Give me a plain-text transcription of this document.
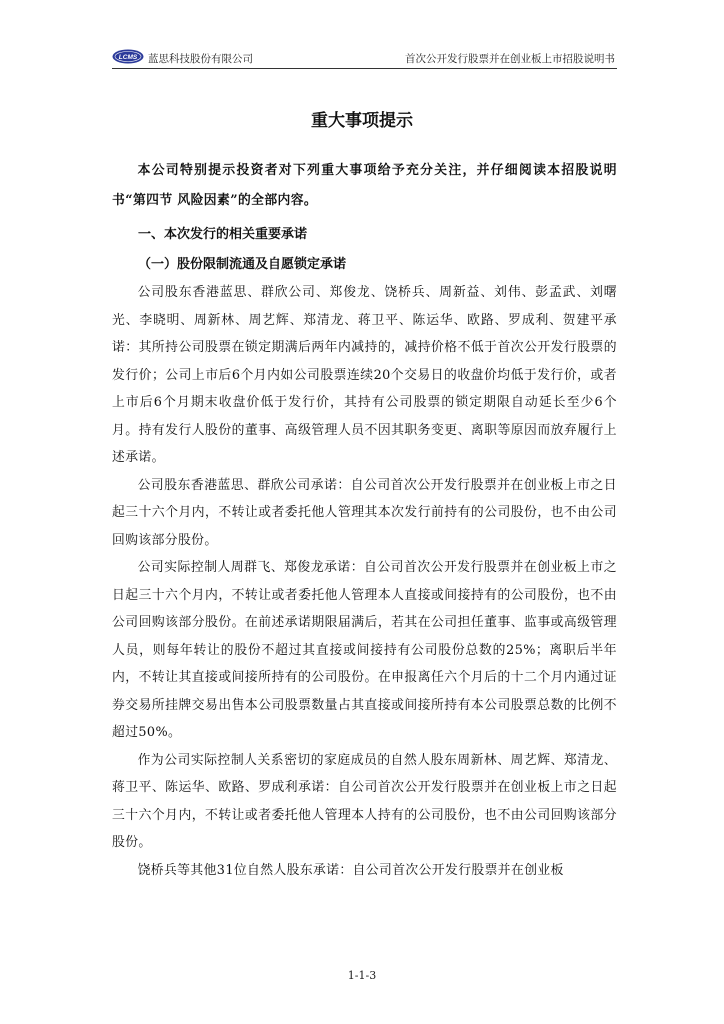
LCMS 蓝思科技股份有限公司	首次公开发行股票并在创业板上市招股说明书
重大事项提示

本公司特别提示投资者对下列重大事项给予充分关注，并仔细阅读本招股说明书“第四节 风险因素”的全部内容。

一、本次发行的相关重要承诺

（一）股份限制流通及自愿锁定承诺

公司股东香港蓝思、群欣公司、郑俊龙、饶桥兵、周新益、刘伟、彭孟武、刘曙光、李晓明、周新林、周艺辉、郑清龙、蒋卫平、陈运华、欧路、罗成利、贺建平承诺：其所持公司股票在锁定期满后两年内减持的，减持价格不低于首次公开发行股票的发行价；公司上市后6个月内如公司股票连续20个交易日的收盘价均低于发行价，或者上市后6个月期末收盘价低于发行价，其持有公司股票的锁定期限自动延长至少6个月。持有发行人股份的董事、高级管理人员不因其职务变更、离职等原因而放弃履行上述承诺。

公司股东香港蓝思、群欣公司承诺：自公司首次公开发行股票并在创业板上市之日起三十六个月内，不转让或者委托他人管理其本次发行前持有的公司股份，也不由公司回购该部分股份。

公司实际控制人周群飞、郑俊龙承诺：自公司首次公开发行股票并在创业板上市之日起三十六个月内，不转让或者委托他人管理本人直接或间接持有的公司股份，也不由公司回购该部分股份。在前述承诺期限届满后，若其在公司担任董事、监事或高级管理人员，则每年转让的股份不超过其直接或间接持有公司股份总数的25%；离职后半年内，不转让其直接或间接所持有的公司股份。在申报离任六个月后的十二个月内通过证券交易所挂牌交易出售本公司股票数量占其直接或间接所持有本公司股票总数的比例不超过50%。

作为公司实际控制人关系密切的家庭成员的自然人股东周新林、周艺辉、郑清龙、蒋卫平、陈运华、欧路、罗成利承诺：自公司首次公开发行股票并在创业板上市之日起三十六个月内，不转让或者委托他人管理本人持有的公司股份，也不由公司回购该部分股份。

饶桥兵等其他31位自然人股东承诺：自公司首次公开发行股票并在创业板

1-1-3
